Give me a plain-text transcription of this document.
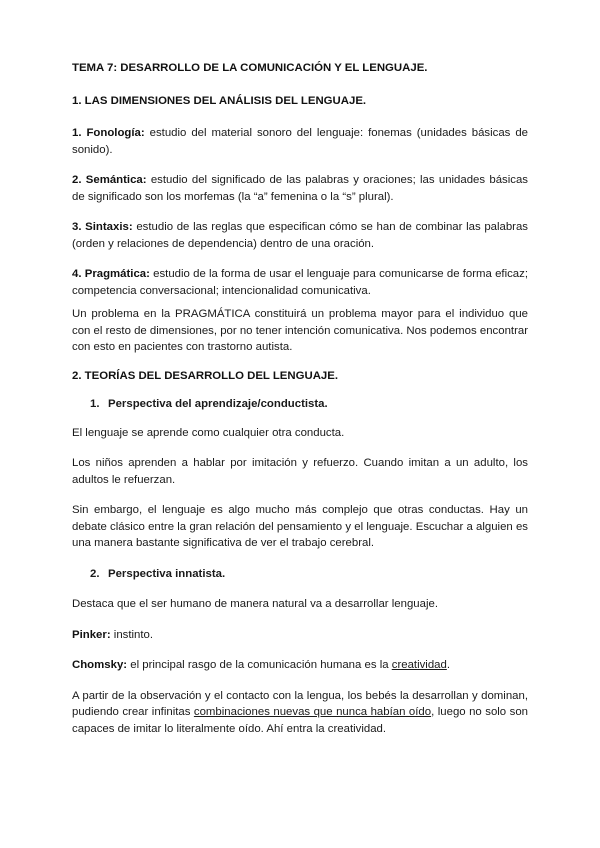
TEMA 7: DESARROLLO DE LA COMUNICACIÓN Y EL LENGUAJE.

1. LAS DIMENSIONES DEL ANÁLISIS DEL LENGUAJE.

1. Fonología: estudio del material sonoro del lenguaje: fonemas (unidades básicas de sonido).

2. Semántica: estudio del significado de las palabras y oraciones; las unidades básicas de significado son los morfemas (la “a” femenina o la “s” plural).

3. Sintaxis: estudio de las reglas que especifican cómo se han de combinar las palabras (orden y relaciones de dependencia) dentro de una oración.

4. Pragmática: estudio de la forma de usar el lenguaje para comunicarse de forma eficaz; competencia conversacional; intencionalidad comunicativa.

Un problema en la PRAGMÁTICA constituirá un problema mayor para el individuo que con el resto de dimensiones, por no tener intención comunicativa. Nos podemos encontrar con esto en pacientes con trastorno autista.

2. TEORÍAS DEL DESARROLLO DEL LENGUAJE.

1. Perspectiva del aprendizaje/conductista.

El lenguaje se aprende como cualquier otra conducta.

Los niños aprenden a hablar por imitación y refuerzo. Cuando imitan a un adulto, los adultos le refuerzan.

Sin embargo, el lenguaje es algo mucho más complejo que otras conductas. Hay un debate clásico entre la gran relación del pensamiento y el lenguaje. Escuchar a alguien es una manera bastante significativa de ver el trabajo cerebral.

2. Perspectiva innatista.

Destaca que el ser humano de manera natural va a desarrollar lenguaje.

Pinker: instinto.

Chomsky: el principal rasgo de la comunicación humana es la creatividad.

A partir de la observación y el contacto con la lengua, los bebés la desarrollan y dominan, pudiendo crear infinitas combinaciones nuevas que nunca habían oído, luego no solo son capaces de imitar lo literalmente oído. Ahí entra la creatividad.
